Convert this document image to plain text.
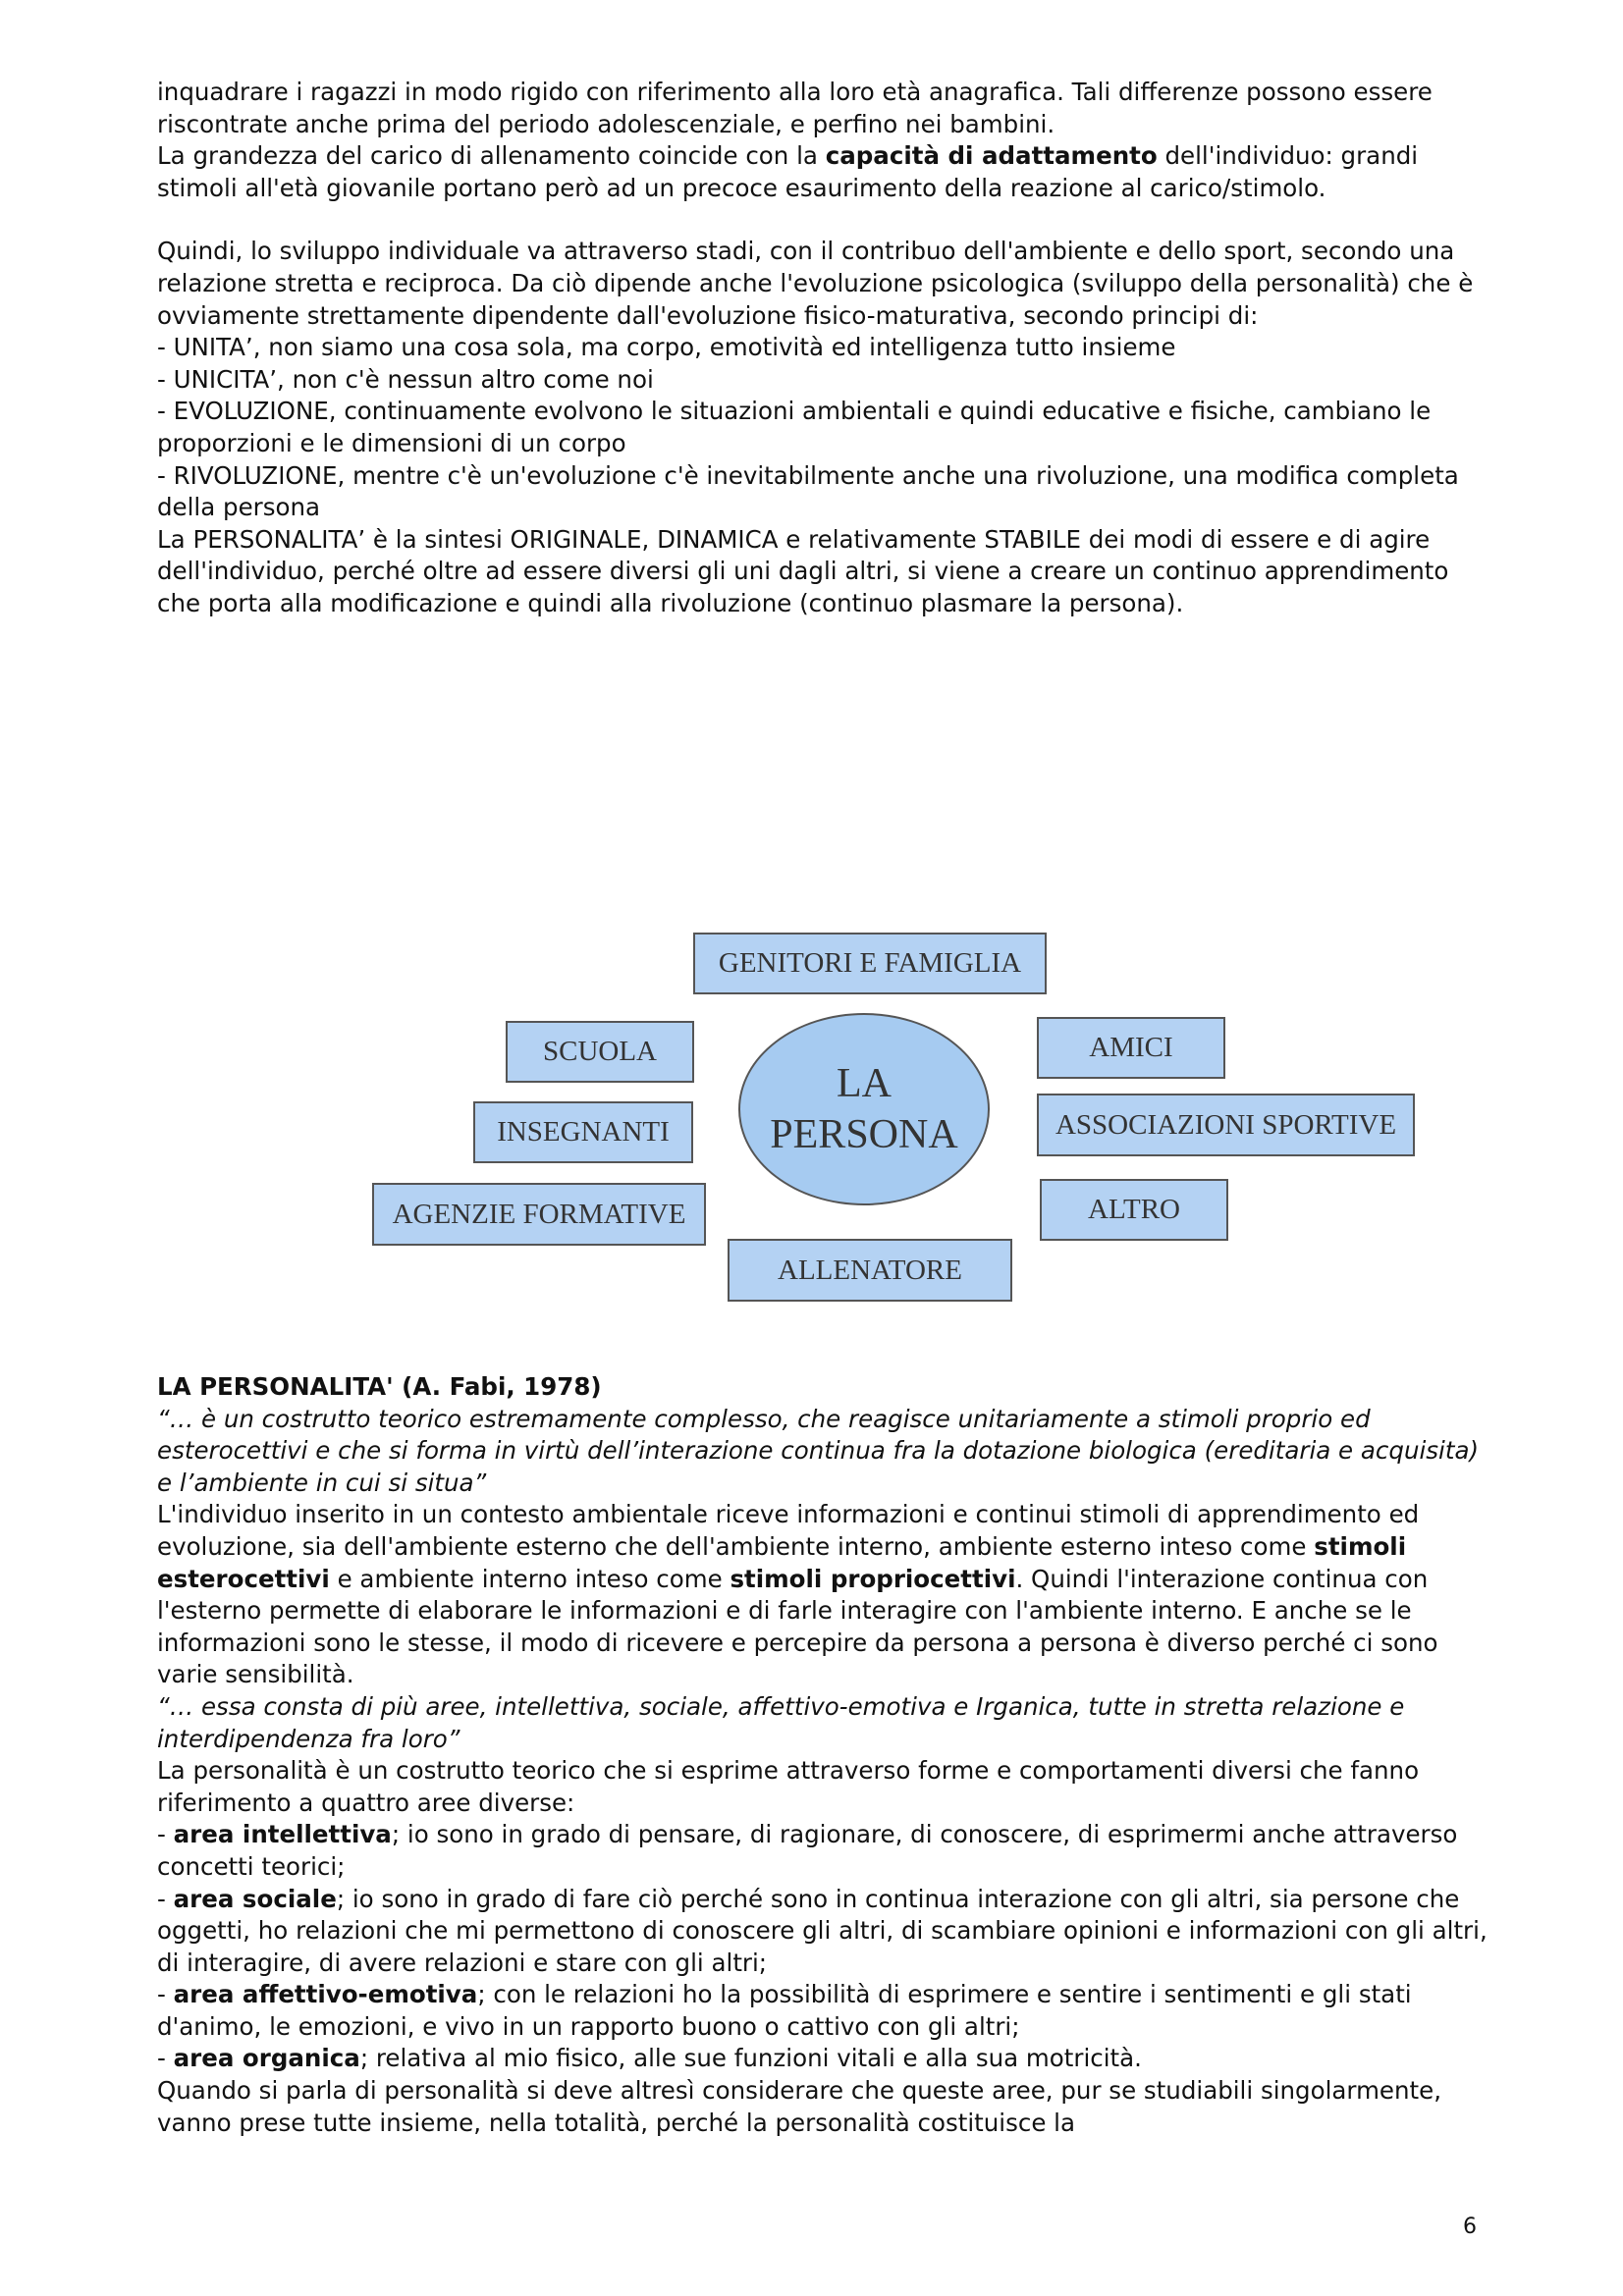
inquadrare i ragazzi in modo rigido con riferimento alla loro età anagrafica. Tali differenze possono essere riscontrate anche prima del periodo adolescenziale, e perfino nei bambini.

La grandezza del carico di allenamento coincide con la capacità di adattamento dell'individuo: grandi stimoli all'età giovanile portano però ad un precoce esaurimento della reazione al carico/stimolo.

Quindi, lo sviluppo individuale va attraverso stadi, con il contribuo dell'ambiente e dello sport, secondo una relazione stretta e reciproca. Da ciò dipende anche l'evoluzione psicologica (sviluppo della personalità) che è ovviamente strettamente dipendente dall'evoluzione fisico-maturativa, secondo principi di:

- UNITA’, non siamo una cosa sola, ma corpo, emotività ed intelligenza tutto insieme

- UNICITA’, non c'è nessun altro come noi

- EVOLUZIONE, continuamente evolvono le situazioni ambientali e quindi educative e fisiche, cambiano le proporzioni e le dimensioni di un corpo

- RIVOLUZIONE, mentre c'è un'evoluzione c'è inevitabilmente anche una rivoluzione, una modifica completa della persona

La PERSONALITA’ è la sintesi ORIGINALE, DINAMICA e relativamente STABILE dei modi di essere e di agire dell'individuo, perché oltre ad essere diversi gli uni dagli altri, si viene a creare un continuo apprendimento che porta alla modificazione e quindi alla rivoluzione (continuo plasmare la persona).

GENITORI E FAMIGLIA
SCUOLA
INSEGNANTI
AGENZIE FORMATIVE
ALLENATORE
AMICI
ASSOCIAZIONI SPORTIVE
ALTRO
LA
PERSONA

LA PERSONALITA' (A. Fabi, 1978)

“… è un costrutto teorico estremamente complesso, che reagisce unitariamente a stimoli proprio ed esterocettivi e che si forma in virtù dell’interazione continua fra la dotazione biologica (ereditaria e acquisita) e l’ambiente in cui si situa”

L'individuo inserito in un contesto ambientale riceve informazioni e continui stimoli di apprendimento ed evoluzione, sia dell'ambiente esterno che dell'ambiente interno, ambiente esterno inteso come stimoli esterocettivi e ambiente interno inteso come stimoli propriocettivi. Quindi l'interazione continua con l'esterno permette di elaborare le informazioni e di farle interagire con l'ambiente interno. E anche se le informazioni sono le stesse, il modo di ricevere e percepire da persona a persona è diverso perché ci sono varie sensibilità.

“… essa consta di più aree, intellettiva, sociale, affettivo-emotiva e Irganica, tutte in stretta relazione e interdipendenza fra loro”

La personalità è un costrutto teorico che si esprime attraverso forme e comportamenti diversi che fanno riferimento a quattro aree diverse:

- area intellettiva; io sono in grado di pensare, di ragionare, di conoscere, di esprimermi anche attraverso concetti teorici;

- area sociale; io sono in grado di fare ciò perché sono in continua interazione con gli altri, sia persone che oggetti, ho relazioni che mi permettono di conoscere gli altri, di scambiare opinioni e informazioni con gli altri, di interagire, di avere relazioni e stare con gli altri;

- area affettivo-emotiva; con le relazioni ho la possibilità di esprimere e sentire i sentimenti e gli stati d'animo, le emozioni, e vivo in un rapporto buono o cattivo con gli altri;

- area organica; relativa al mio fisico, alle sue funzioni vitali e alla sua motricità.

Quando si parla di personalità si deve altresì considerare che queste aree, pur se studiabili singolarmente, vanno prese tutte insieme, nella totalità, perché la personalità costituisce la

6
